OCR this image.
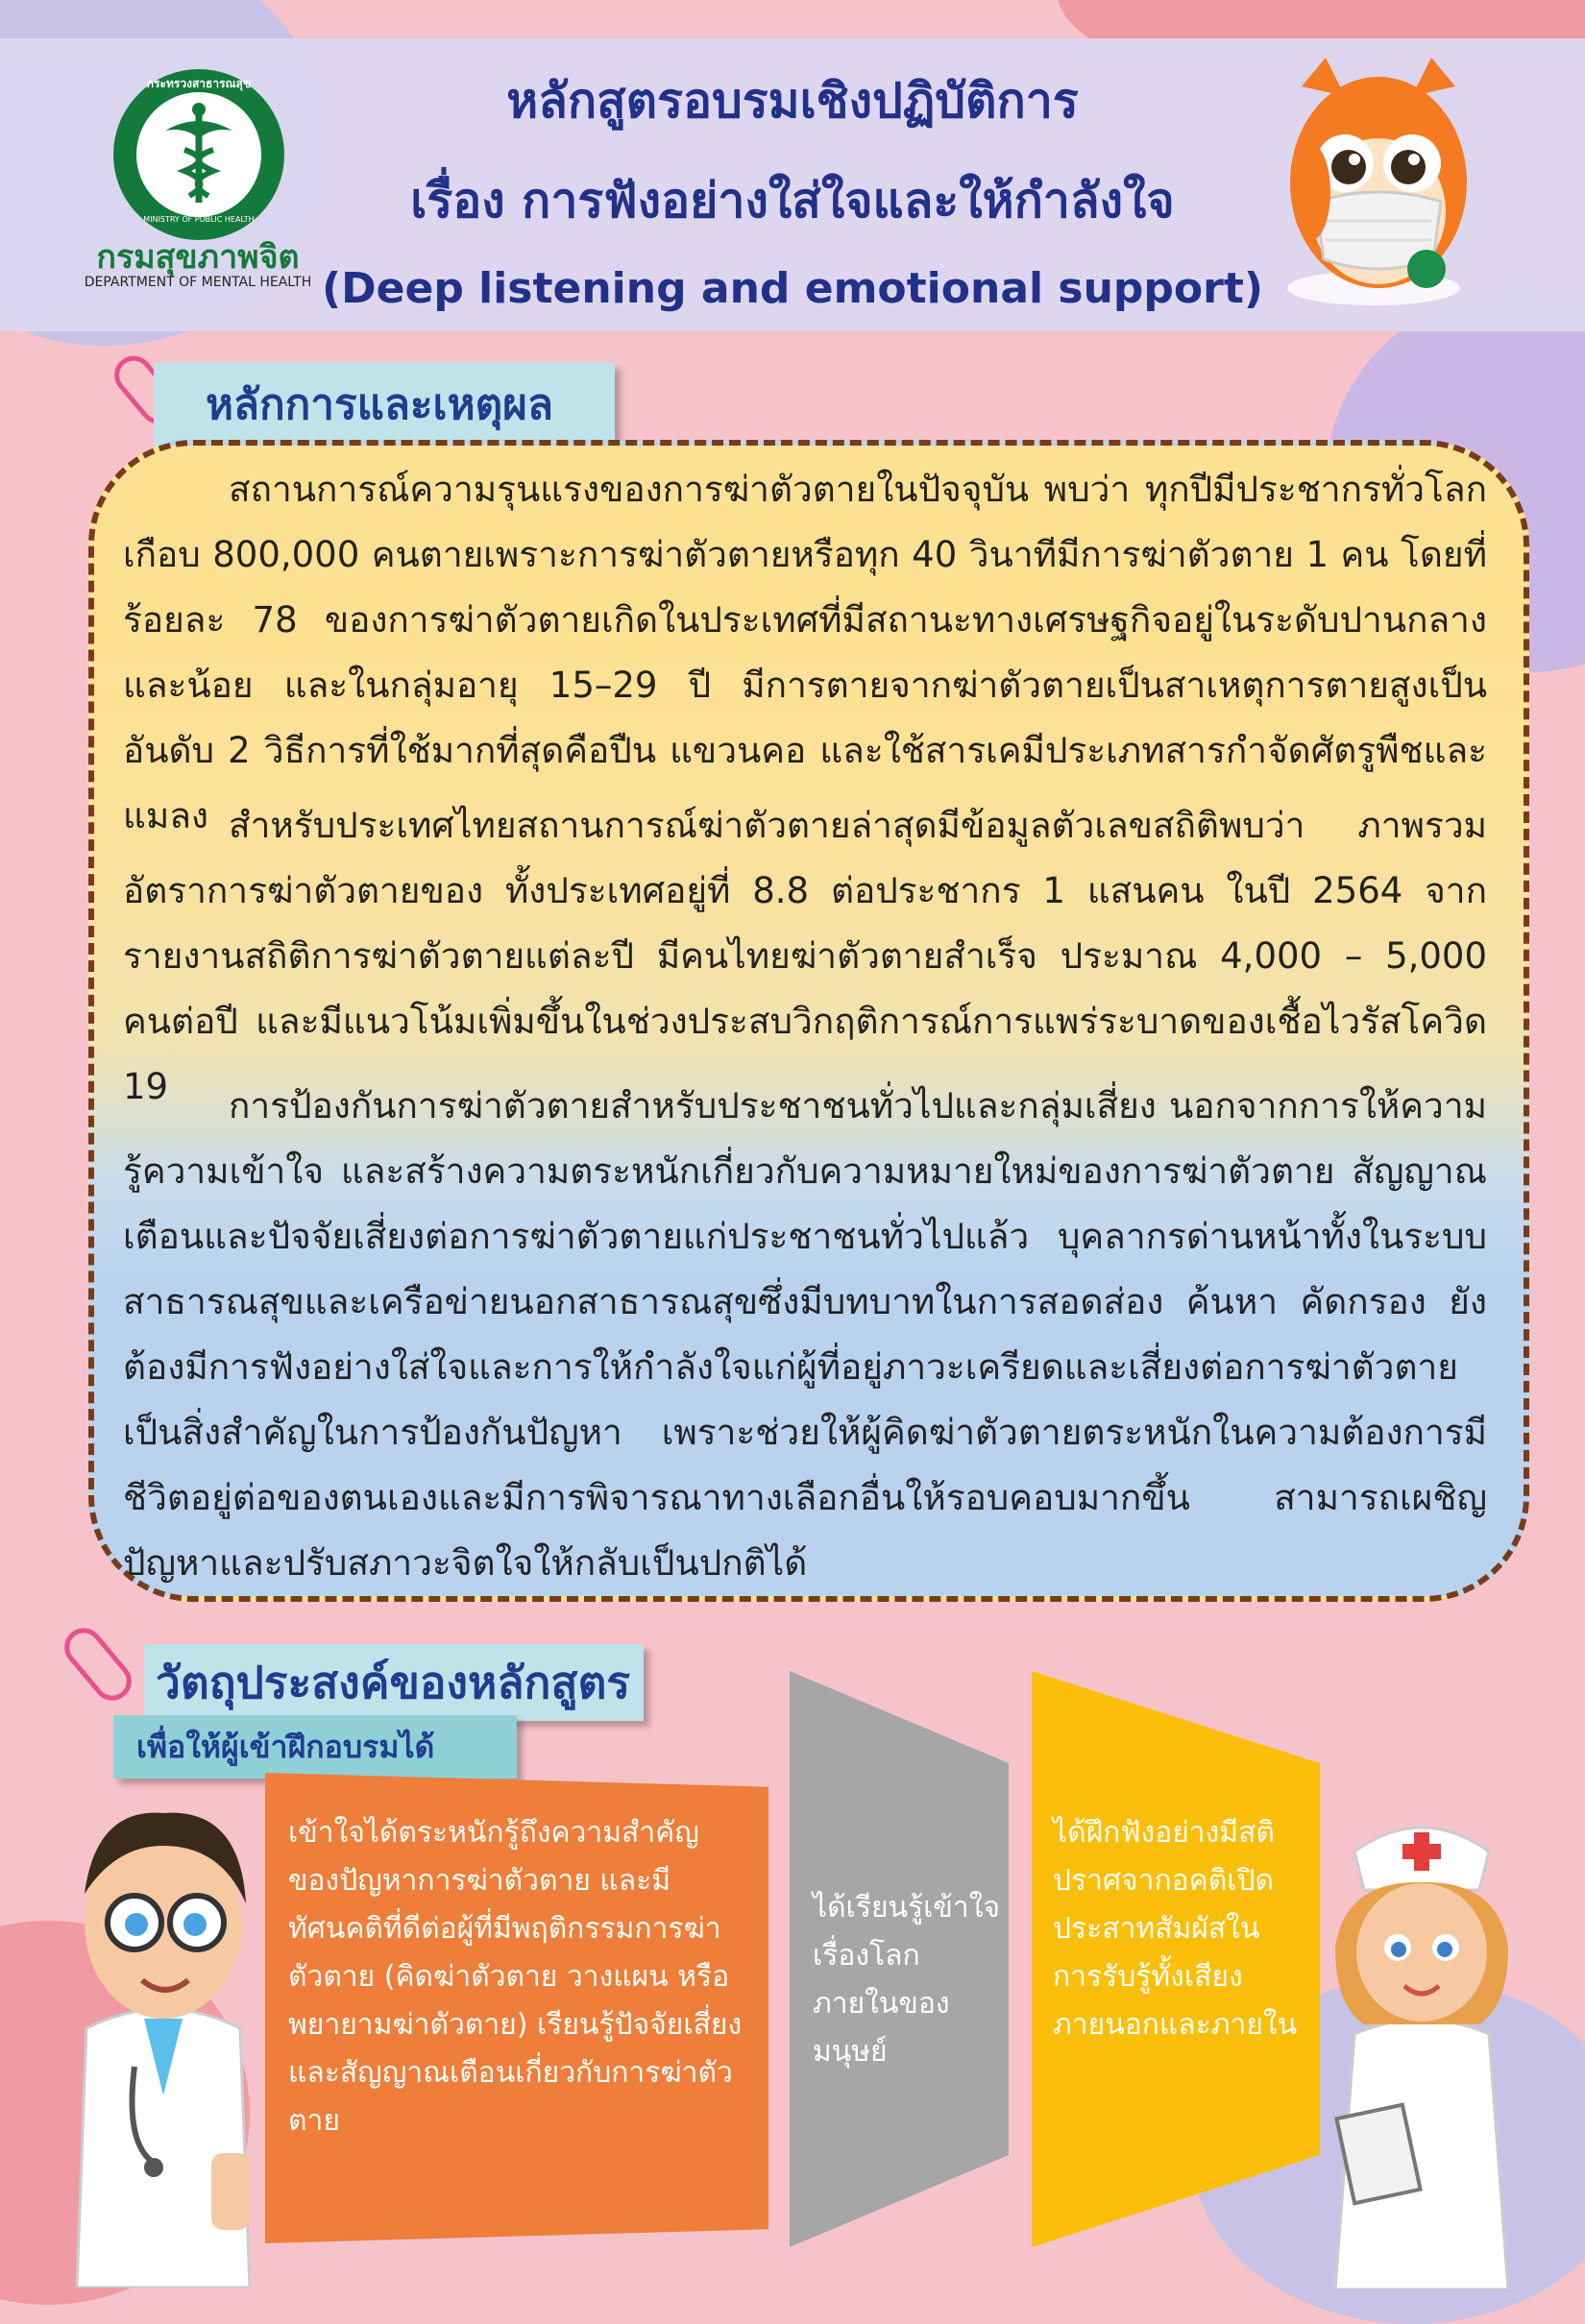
กระทรวงสาธารณสุข
MINISTRY OF PUBLIC HEALTH
กรมสุขภาพจิต
DEPARTMENT OF MENTAL HEALTH
หลักสูตรอบรมเชิงปฏิบัติการ
เรื่อง การฟังอย่างใส่ใจและให้กำลังใจ
(Deep listening and emotional support)
หลักการและเหตุผล
สถานการณ์ความรุนแรงของการฆ่าตัวตายในปัจจุบัน พบว่า ทุกปีมีประชากรทั่วโลกเกือบ 800,000 คนตายเพราะการฆ่าตัวตายหรือทุก 40 วินาทีมีการฆ่าตัวตาย 1 คน โดยที่ร้อยละ 78 ของการฆ่าตัวตายเกิดในประเทศที่มีสถานะทางเศรษฐกิจอยู่ในระดับปานกลางและน้อย และในกลุ่มอายุ 15–29 ปี มีการตายจากฆ่าตัวตายเป็นสาเหตุการตายสูงเป็นอันดับ 2 วิธีการที่ใช้มากที่สุดคือปืน แขวนคอ และใช้สารเคมีประเภทสารกำจัดศัตรูพืชและแมลง สำหรับประเทศไทยสถานการณ์ฆ่าตัวตายล่าสุดมีข้อมูลตัวเลขสถิติพบว่า ภาพรวมอัตราการฆ่าตัวตายของ ทั้งประเทศอยู่ที่ 8.8 ต่อประชากร 1 แสนคน ในปี 2564 จากรายงานสถิติการฆ่าตัวตายแต่ละปี มีคนไทยฆ่าตัวตายสำเร็จ ประมาณ 4,000 – 5,000 คนต่อปี และมีแนวโน้มเพิ่มขึ้นในช่วงประสบวิกฤติการณ์การแพร่ระบาดของเชื้อไวรัสโควิด 19	การป้องกันการฆ่าตัวตายสำหรับประชาชนทั่วไปและกลุ่มเสี่ยง นอกจากการให้ความรู้ความเข้าใจ และสร้างความตระหนักเกี่ยวกับความหมายใหม่ของการฆ่าตัวตาย สัญญาณเตือนและปัจจัยเสี่ยงต่อการฆ่าตัวตายแก่ประชาชนทั่วไปแล้ว บุคลากรด่านหน้าทั้งในระบบสาธารณสุขและเครือข่ายนอกสาธารณสุขซึ่งมีบทบาทในการสอดส่อง ค้นหา คัดกรอง ยังต้องมีการฟังอย่างใส่ใจและการให้กำลังใจแก่ผู้ที่อยู่ภาวะเครียดและเสี่ยงต่อการฆ่าตัวตาย เป็นสิ่งสำคัญในการป้องกันปัญหา เพราะช่วยให้ผู้คิดฆ่าตัวตายตระหนักในความต้องการมีชีวิตอยู่ต่อของตนเองและมีการพิจารณาทางเลือกอื่นให้รอบคอบมากขึ้น สามารถเผชิญปัญหาและปรับสภาวะจิตใจให้กลับเป็นปกติได้
วัตถุประสงค์ของหลักสูตร
เพื่อให้ผู้เข้าฝึกอบรมได้
เข้าใจได้ตระหนักรู้ถึงความสำคัญของปัญหาการฆ่าตัวตาย และมีทัศนคติที่ดีต่อผู้ที่มีพฤติกรรมการฆ่าตัวตาย (คิดฆ่าตัวตาย วางแผน หรือพยายามฆ่าตัวตาย) เรียนรู้ปัจจัยเสี่ยงและสัญญาณเตือนเกี่ยวกับการฆ่าตัวตาย
ได้เรียนรู้เข้าใจเรื่องโลกภายในของมนุษย์
ได้ฝึกฟังอย่างมีสติปราศจากอคติเปิดประสาทสัมผัสในการรับรู้ทั้งเสียงภายนอกและภายใน
